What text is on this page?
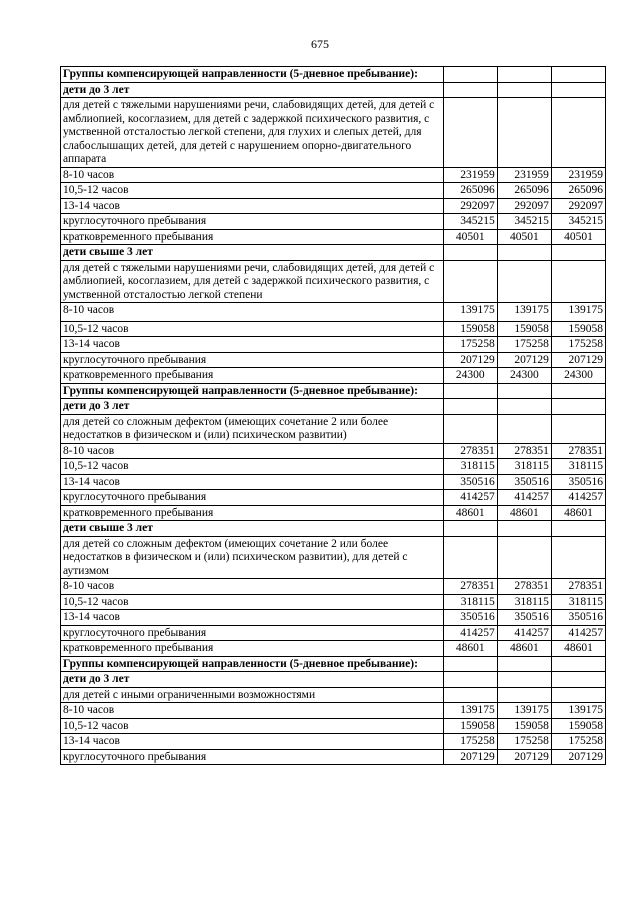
675
Группы компенсирующей направленности (5-дневное пребывание):			
дети до 3 лет			
для детей с тяжелыми нарушениями речи, слабовидящих детей, для детей с амблиопией, косоглазием, для детей с задержкой психического развития, с умственной отсталостью легкой степени, для глухих и слепых детей, для слабослышащих детей, для детей с нарушением опорно-двигательного аппарата			
8-10 часов	231959	231959	231959
10,5-12 часов	265096	265096	265096
13-14 часов	292097	292097	292097
круглосуточного пребывания	345215	345215	345215
кратковременного пребывания	40501	40501	40501
дети свыше 3 лет			
для детей с тяжелыми нарушениями речи, слабовидящих детей, для детей с амблиопией, косоглазием, для детей с задержкой психического развития, с умственной отсталостью легкой степени			
8-10 часов	139175	139175	139175
10,5-12 часов	159058	159058	159058
13-14 часов	175258	175258	175258
круглосуточного пребывания	207129	207129	207129
кратковременного пребывания	24300	24300	24300
Группы компенсирующей направленности (5-дневное пребывание):			
дети до 3 лет			
для детей со сложным дефектом (имеющих сочетание 2 или более недостатков в физическом и (или) психическом развитии)			
8-10 часов	278351	278351	278351
10,5-12 часов	318115	318115	318115
13-14 часов	350516	350516	350516
круглосуточного пребывания	414257	414257	414257
кратковременного пребывания	48601	48601	48601
дети свыше 3 лет			
для детей со сложным дефектом (имеющих сочетание 2 или более недостатков в физическом и (или) психическом развитии), для детей с аутизмом			
8-10 часов	278351	278351	278351
10,5-12 часов	318115	318115	318115
13-14 часов	350516	350516	350516
круглосуточного пребывания	414257	414257	414257
кратковременного пребывания	48601	48601	48601
Группы компенсирующей направленности (5-дневное пребывание):			
дети до 3 лет			
для детей с иными ограниченными возможностями			
8-10 часов	139175	139175	139175
10,5-12 часов	159058	159058	159058
13-14 часов	175258	175258	175258
круглосуточного пребывания	207129	207129	207129
